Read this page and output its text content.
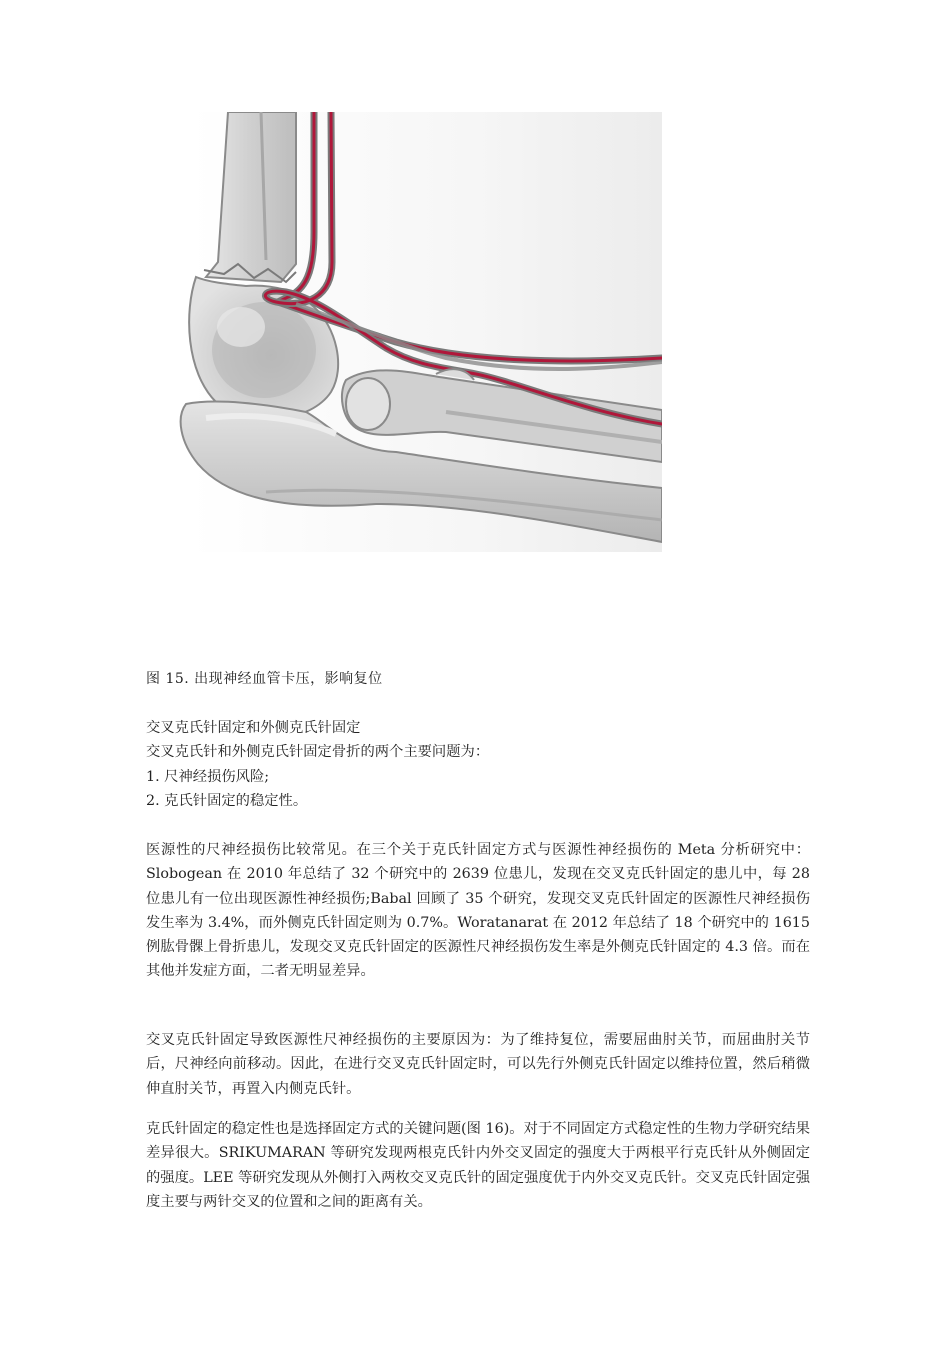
图 15. 出现神经血管卡压，影响复位

交叉克氏针固定和外侧克氏针固定

交叉克氏针和外侧克氏针固定骨折的两个主要问题为：

1. 尺神经损伤风险;

2. 克氏针固定的稳定性。

医源性的尺神经损伤比较常见。在三个关于克氏针固定方式与医源性神经损伤的 Meta 分析研究中：Slobogean 在 2010 年总结了 32 个研究中的 2639 位患儿，发现在交叉克氏针固定的患儿中，每 28 位患儿有一位出现医源性神经损伤;Babal 回顾了 35 个研究，发现交叉克氏针固定的医源性尺神经损伤发生率为 3.4%，而外侧克氏针固定则为 0.7%。Woratanarat 在 2012 年总结了 18 个研究中的 1615 例肱骨髁上骨折患儿，发现交叉克氏针固定的医源性尺神经损伤发生率是外侧克氏针固定的 4.3 倍。而在其他并发症方面，二者无明显差异。

交叉克氏针固定导致医源性尺神经损伤的主要原因为：为了维持复位，需要屈曲肘关节，而屈曲肘关节后，尺神经向前移动。因此，在进行交叉克氏针固定时，可以先行外侧克氏针固定以维持位置，然后稍微伸直肘关节，再置入内侧克氏针。

克氏针固定的稳定性也是选择固定方式的关键问题(图 16)。对于不同固定方式稳定性的生物力学研究结果差异很大。SRIKUMARAN 等研究发现两根克氏针内外交叉固定的强度大于两根平行克氏针从外侧固定的强度。LEE 等研究发现从外侧打入两枚交叉克氏针的固定强度优于内外交叉克氏针。交叉克氏针固定强度主要与两针交叉的位置和之间的距离有关。
